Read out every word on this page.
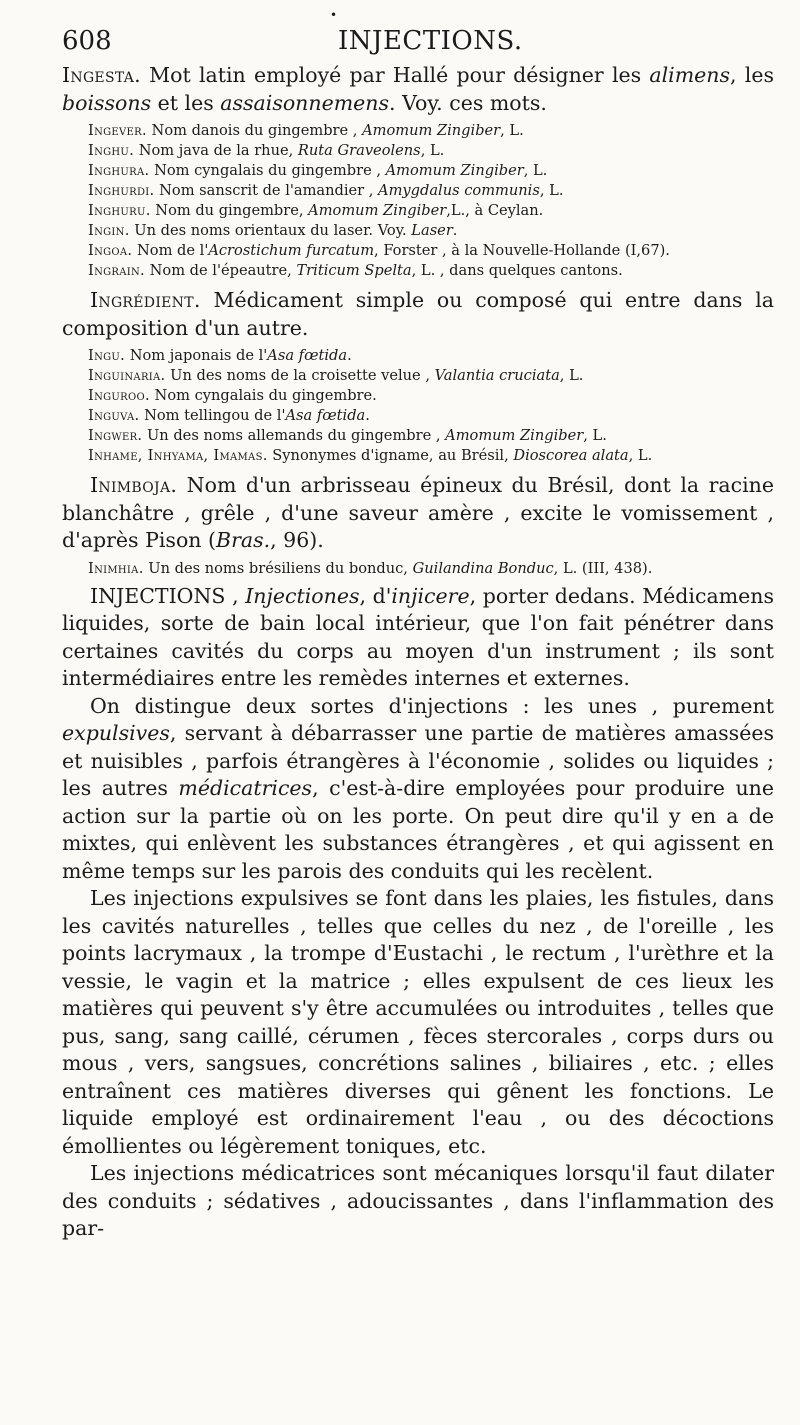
•
608	INJECTIONS.

Ingesta. Mot latin employé par Hallé pour désigner les alimens, les boissons et les assaisonnemens. Voy. ces mots.

Ingever. Nom danois du gingembre , Amomum Zingiber, L.

Inghu. Nom java de la rhue, Ruta Graveolens, L.

Inghura. Nom cyngalais du gingembre , Amomum Zingiber, L.

Inghurdi. Nom sanscrit de l'amandier , Amygdalus communis, L.

Inghuru. Nom du gingembre, Amomum Zingiber,L., à Ceylan.

Ingin. Un des noms orientaux du laser. Voy. Laser.

Ingoa. Nom de l'Acrostichum furcatum, Forster , à la Nouvelle-Hollande (I,67).

Ingrain. Nom de l'épeautre, Triticum Spelta, L. , dans quelques cantons.

Ingrédient. Médicament simple ou composé qui entre dans la composition d'un autre.

Ingu. Nom japonais de l'Asa fœtida.

Inguinaria. Un des noms de la croisette velue , Valantia cruciata, L.

Inguroo. Nom cyngalais du gingembre.

Inguva. Nom tellingou de l'Asa fœtida.

Ingwer. Un des noms allemands du gingembre , Amomum Zingiber, L.

Inhame, Inhyama, Imamas. Synonymes d'igname, au Brésil, Dioscorea alata, L.

Inimboja. Nom d'un arbrisseau épineux du Brésil, dont la racine blanchâtre , grêle , d'une saveur amère , excite le vomissement , d'après Pison (Bras., 96).

Inimhia. Un des noms brésiliens du bonduc, Guilandina Bonduc, L. (III, 438).

INJECTIONS , Injectiones, d'injicere, porter dedans. Médicamens liquides, sorte de bain local intérieur, que l'on fait pénétrer dans certaines cavités du corps au moyen d'un instrument ; ils sont intermédiaires entre les remèdes internes et externes.

On distingue deux sortes d'injections : les unes , purement expulsives, servant à débarrasser une partie de matières amassées et nuisibles , parfois étrangères à l'économie , solides ou liquides ; les autres médicatrices, c'est-à-dire employées pour produire une action sur la partie où on les porte. On peut dire qu'il y en a de mixtes, qui enlèvent les substances étrangères , et qui agissent en même temps sur les parois des conduits qui les recèlent.

Les injections expulsives se font dans les plaies, les fistules, dans les cavités naturelles , telles que celles du nez , de l'oreille , les points lacrymaux , la trompe d'Eustachi , le rectum , l'urèthre et la vessie, le vagin et la matrice ; elles expulsent de ces lieux les matières qui peuvent s'y être accumulées ou introduites , telles que pus, sang, sang caillé, cérumen , fèces stercorales , corps durs ou mous , vers, sangsues, concrétions salines , biliaires , etc. ; elles entraînent ces matières diverses qui gênent les fonctions. Le liquide employé est ordinairement l'eau , ou des décoctions émollientes ou légèrement toniques, etc.

Les injections médicatrices sont mécaniques lorsqu'il faut dilater des conduits ; sédatives , adoucissantes , dans l'inflammation des par-
